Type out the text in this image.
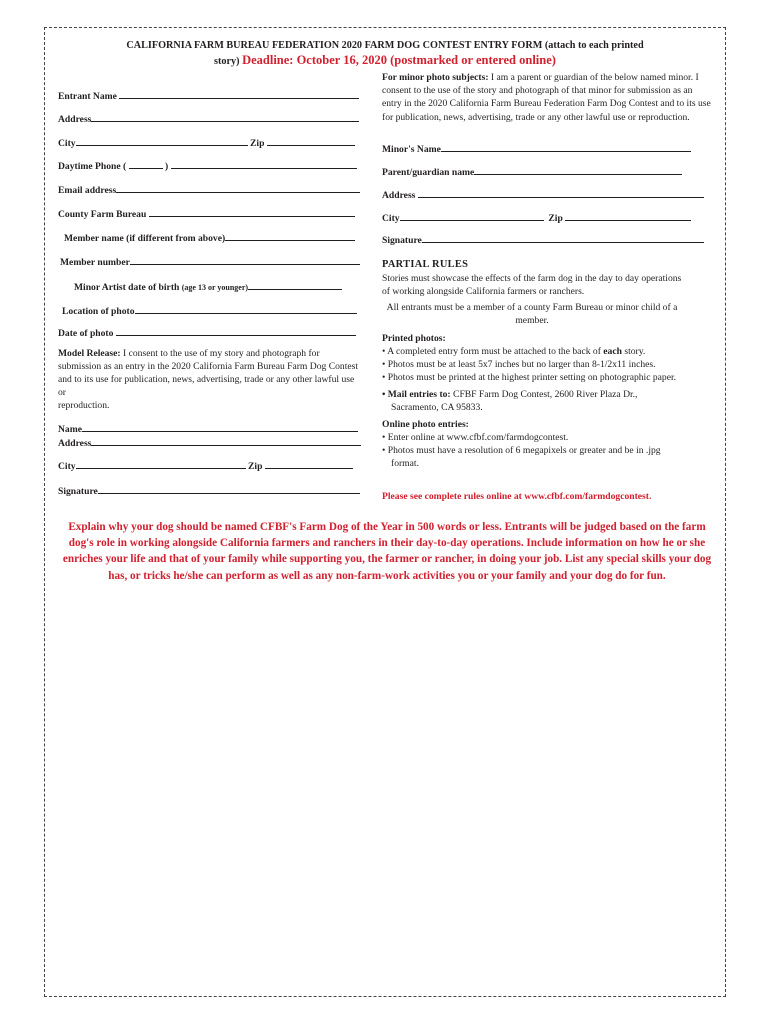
CALIFORNIA FARM BUREAU FEDERATION 2020 FARM DOG CONTEST ENTRY FORM (attach to each printed
story) Deadline: October 16, 2020 (postmarked or entered online)
Entrant Name
Address
City	Zip
Daytime Phone (	)
Email address
County Farm Bureau
Member name (if different from above)
Member number
Minor Artist date of birth (age 13 or younger)
Location of photo
Date of photo
Model Release: I consent to the use of my story and photograph for submission as an entry in the 2020 California Farm Bureau Farm Dog Contest and to its use for publication, news, advertising, trade or any other lawful use or
reproduction.
Name
Address
City	Zip
Signature
For minor photo subjects: I am a parent or guardian of the below named minor. I consent to the use of the story and photograph of that minor for submission as an entry in the 2020 California Farm Bureau Federation Farm Dog Contest and to its use for publication, news, advertising, trade or any other lawful use or reproduction.
Minor's Name
Parent/guardian name
Address
City	Zip
Signature
PARTIAL RULES
Stories must showcase the effects of the farm dog in the day to day operations of working alongside California farmers or ranchers.
All entrants must be a member of a county Farm Bureau or minor child of a member.
Printed photos:
• A completed entry form must be attached to the back of each story.
• Photos must be at least 5x7 inches but no larger than 8-1/2x11 inches.
• Photos must be printed at the highest printer setting on photographic paper.
• Mail entries to: CFBF Farm Dog Contest, 2600 River Plaza Dr., Sacramento, CA 95833.
Online photo entries:
• Enter online at www.cfbf.com/farmdogcontest.
• Photos must have a resolution of 6 megapixels or greater and be in .jpg format.
Please see complete rules online at www.cfbf.com/farmdogcontest.
Explain why your dog should be named CFBF's Farm Dog of the Year in 500 words or less. Entrants will be judged based on the farm dog's role in working alongside California farmers and ranchers in their day-to-day operations. Include information on how he or she enriches your life and that of your family while supporting you, the farmer or rancher, in doing your job. List any special skills your dog has, or tricks he/she can perform as well as any non-farm-work activities you or your family and your dog do for fun.
